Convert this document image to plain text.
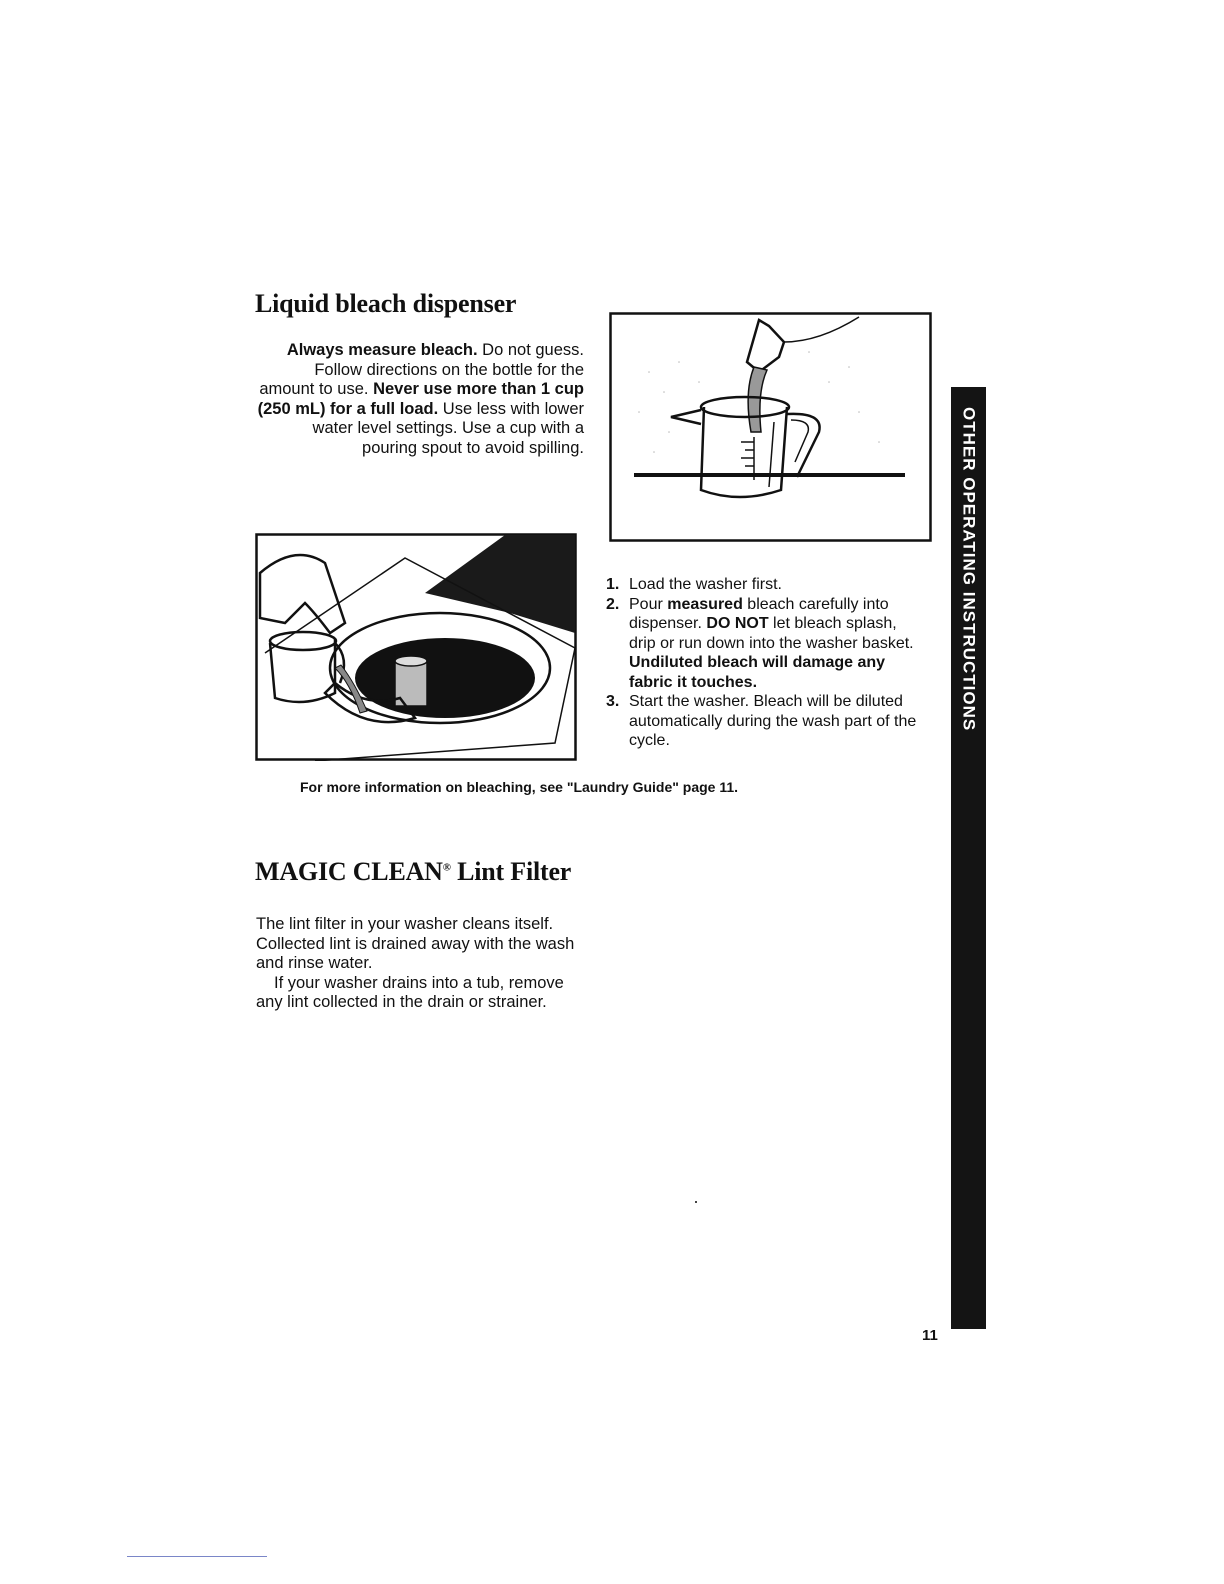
Liquid bleach dispenser

Always measure bleach. Do not guess. Follow directions on the bottle for the amount to use. Never use more than 1 cup (250 mL) for a full load. Use less with lower water level settings. Use a cup with a pouring spout to avoid spilling.

1. Load the washer first.
2. Pour measured bleach carefully into dispenser. DO NOT let bleach splash, drip or run down into the washer basket. Undiluted bleach will damage any fabric it touches.
3. Start the washer. Bleach will be diluted automatically during the wash part of the cycle.
For more information on bleaching, see "Laundry Guide" page 11.
MAGIC CLEAN® Lint Filter

The lint filter in your washer cleans itself. Collected lint is drained away with the wash and rinse water.

If your washer drains into a tub, remove any lint collected in the drain or strainer.

OTHER OPERATING INSTRUCTIONS
11
